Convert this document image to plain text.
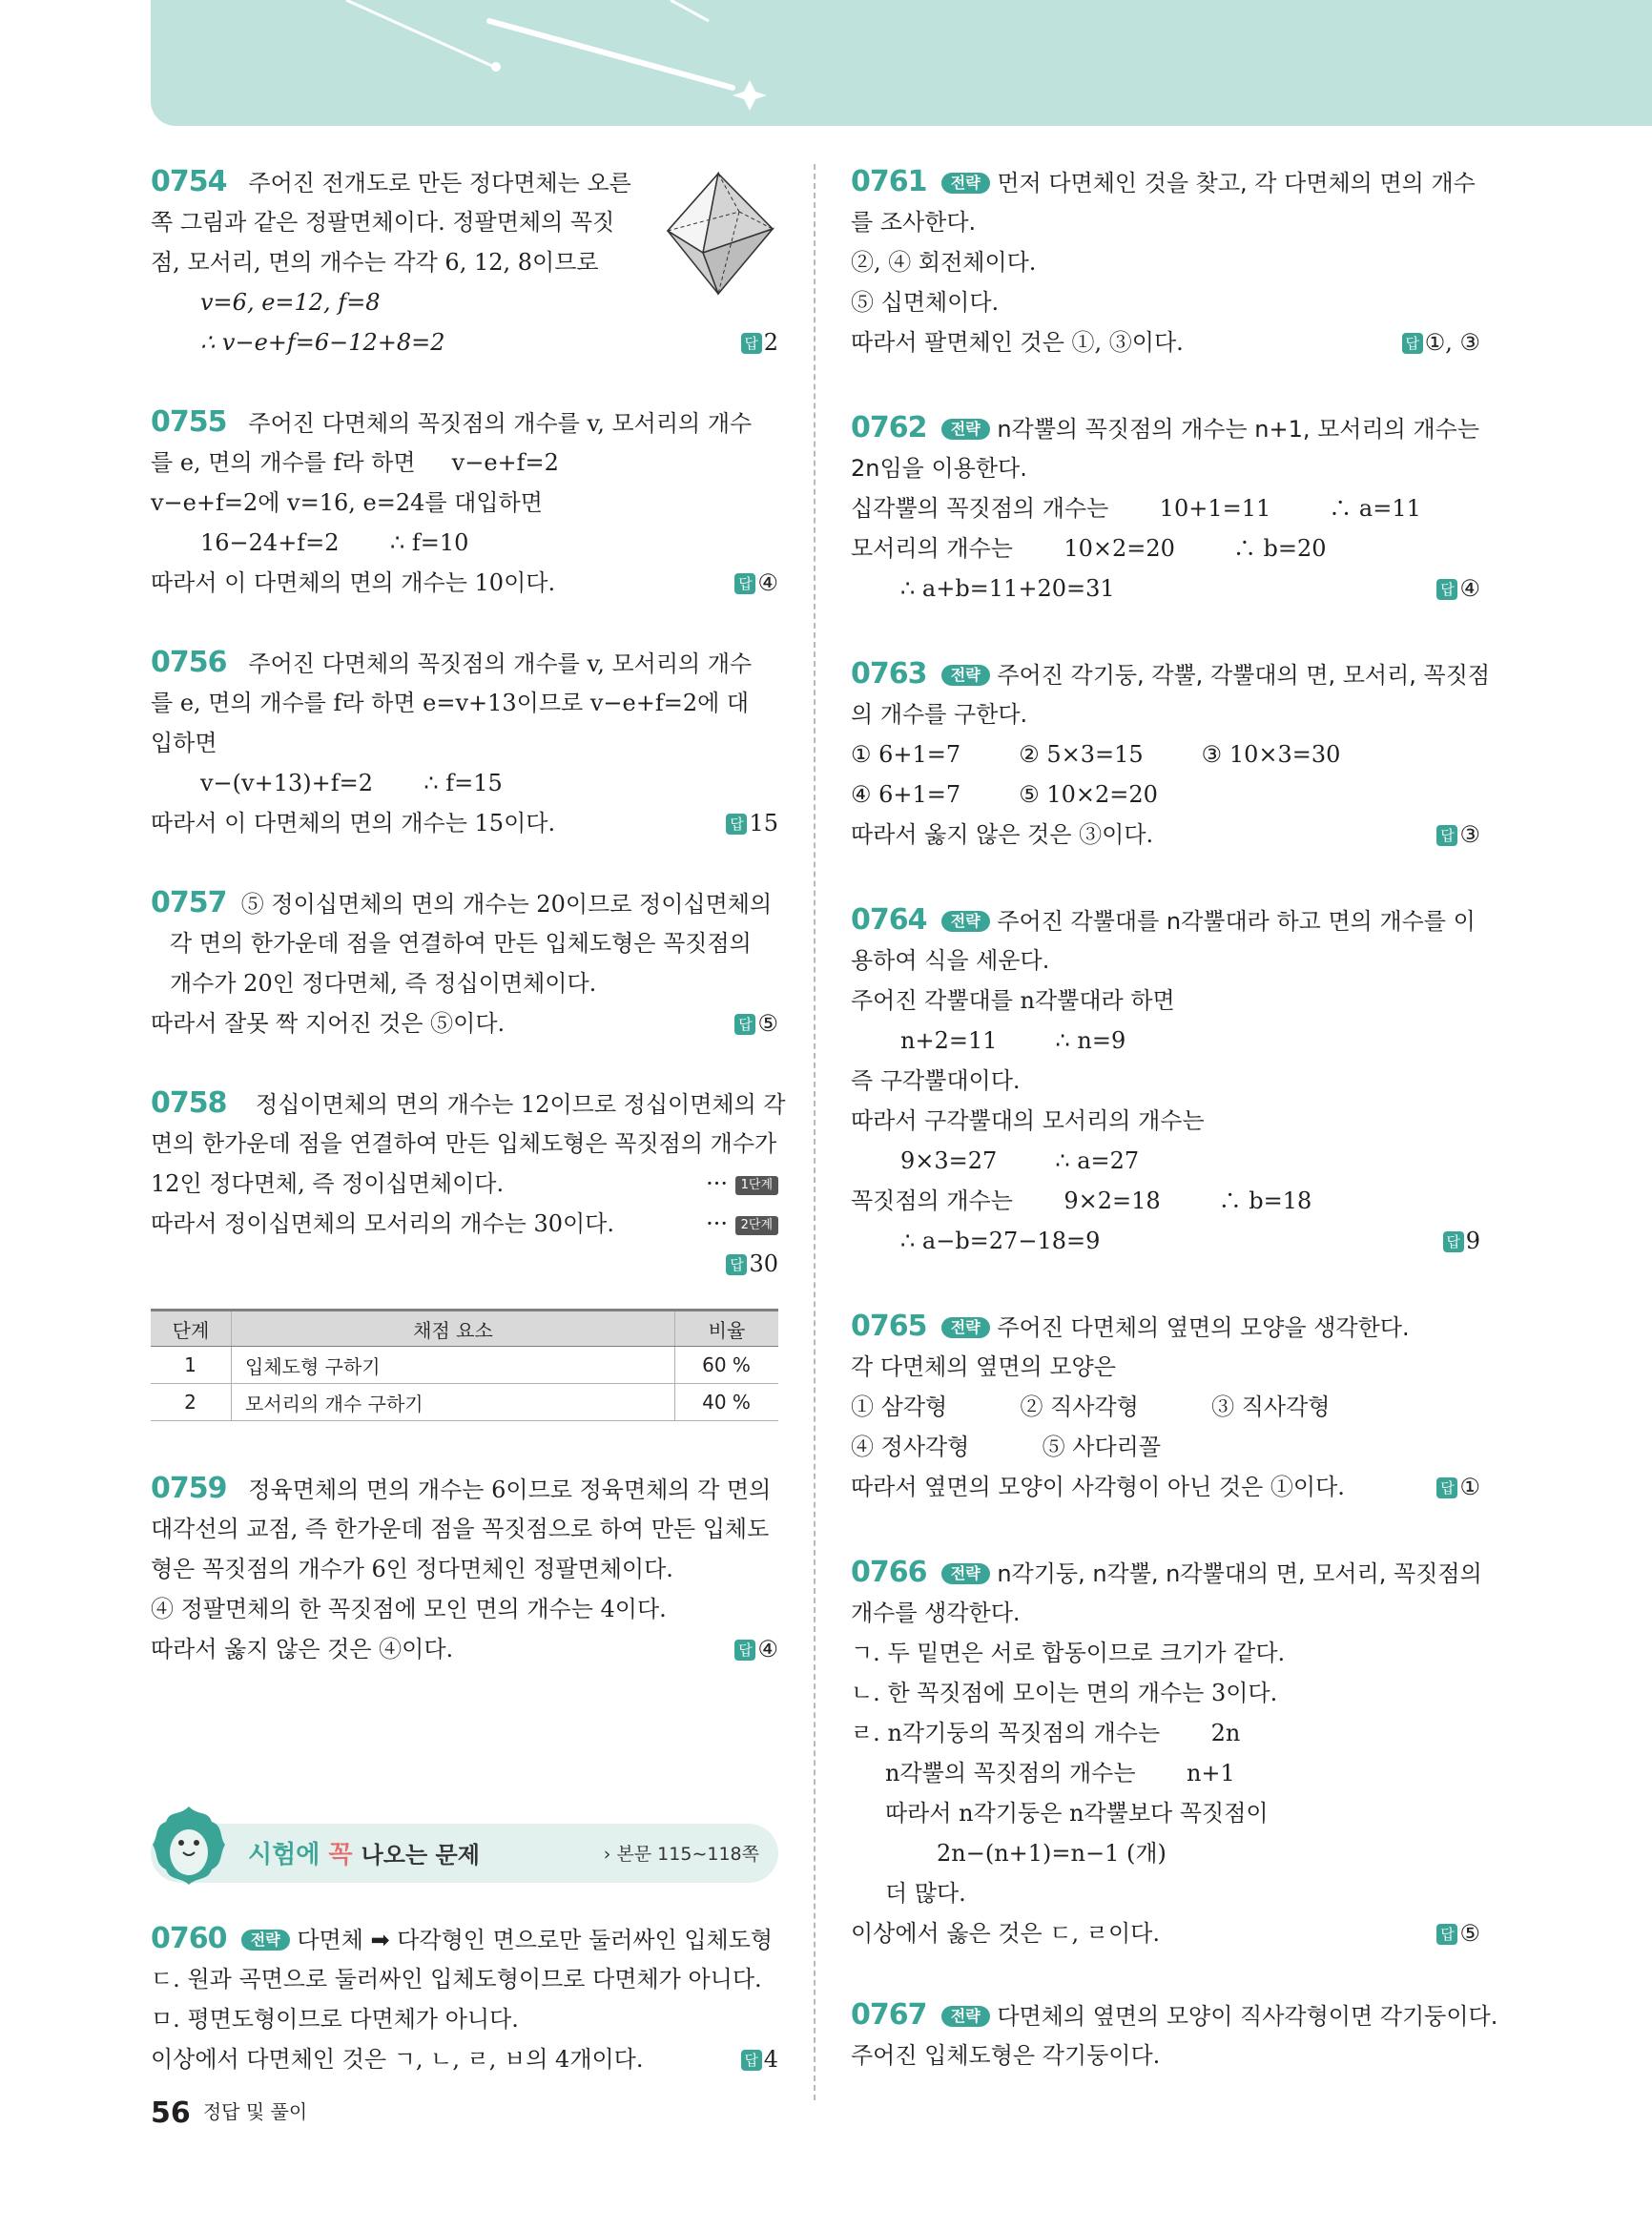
0754 주어진 전개도로 만든 정다면체는 오른
쪽 그림과 같은 정팔면체이다. 정팔면체의 꼭짓
점, 모서리, 면의 개수는 각각 6, 12, 8이므로
v=6, e=12, f=8
∴ v−e+f=6−12+8=2	답 2
0755 주어진 다면체의 꼭짓점의 개수를 v, 모서리의 개수
를 e, 면의 개수를 f라 하면     v−e+f=2
v−e+f=2에 v=16, e=24를 대입하면
16−24+f=2       ∴ f=10
따라서 이 다면체의 면의 개수는 10이다.	답 ④
0756 주어진 다면체의 꼭짓점의 개수를 v, 모서리의 개수
를 e, 면의 개수를 f라 하면 e=v+13이므로 v−e+f=2에 대
입하면
v−(v+13)+f=2       ∴ f=15
따라서 이 다면체의 면의 개수는 15이다.	답 15
0757 ⑤ 정이십면체의 면의 개수는 20이므로 정이십면체의
각 면의 한가운데 점을 연결하여 만든 입체도형은 꼭짓점의
개수가 20인 정다면체, 즉 정십이면체이다.
따라서 잘못 짝 지어진 것은 ⑤이다.	답 ⑤
0758 정십이면체의 면의 개수는 12이므로 정십이면체의 각
면의 한가운데 점을 연결하여 만든 입체도형은 꼭짓점의 개수가
12인 정다면체, 즉 정이십면체이다.
따라서 정이십면체의 모서리의 개수는 30이다.
··· 1단계
··· 2단계
답 30
단계	채점 요소	비율
1	입체도형 구하기	60 %
2	모서리의 개수 구하기	40 %
0759 정육면체의 면의 개수는 6이므로 정육면체의 각 면의
대각선의 교점, 즉 한가운데 점을 꼭짓점으로 하여 만든 입체도
형은 꼭짓점의 개수가 6인 정다면체인 정팔면체이다.
④ 정팔면체의 한 꼭짓점에 모인 면의 개수는 4이다.
따라서 옳지 않은 것은 ④이다.	답 ④
시험에 꼭 나오는 문제	› 본문 115∼118쪽
0760 전략 다면체 ➡ 다각형인 면으로만 둘러싸인 입체도형
ㄷ. 원과 곡면으로 둘러싸인 입체도형이므로 다면체가 아니다.
ㅁ. 평면도형이므로 다면체가 아니다.
이상에서 다면체인 것은 ㄱ, ㄴ, ㄹ, ㅂ의 4개이다.	답 4
0761 전략 먼저 다면체인 것을 찾고, 각 다면체의 면의 개수
를 조사한다.
②, ④ 회전체이다.
⑤ 십면체이다.
따라서 팔면체인 것은 ①, ③이다.	답 ①, ③
0762 전략 n각뿔의 꼭짓점의 개수는 n+1, 모서리의 개수는
2n임을 이용한다.
십각뿔의 꼭짓점의 개수는       10+1=11        ∴ a=11
모서리의 개수는       10×2=20        ∴ b=20
∴ a+b=11+20=31	답 ④
0763 전략 주어진 각기둥, 각뿔, 각뿔대의 면, 모서리, 꼭짓점
의 개수를 구한다.
① 6+1=7        ② 5×3=15        ③ 10×3=30
④ 6+1=7        ⑤ 10×2=20
따라서 옳지 않은 것은 ③이다.	답 ③
0764 전략 주어진 각뿔대를 n각뿔대라 하고 면의 개수를 이
용하여 식을 세운다.
주어진 각뿔대를 n각뿔대라 하면
n+2=11        ∴ n=9
즉 구각뿔대이다.
따라서 구각뿔대의 모서리의 개수는
9×3=27        ∴ a=27
꼭짓점의 개수는       9×2=18        ∴ b=18
∴ a−b=27−18=9	답 9
0765 전략 주어진 다면체의 옆면의 모양을 생각한다.
각 다면체의 옆면의 모양은
① 삼각형          ② 직사각형          ③ 직사각형
④ 정사각형          ⑤ 사다리꼴
따라서 옆면의 모양이 사각형이 아닌 것은 ①이다.	답 ①
0766 전략 n각기둥, n각뿔, n각뿔대의 면, 모서리, 꼭짓점의
개수를 생각한다.
ㄱ. 두 밑면은 서로 합동이므로 크기가 같다.
ㄴ. 한 꼭짓점에 모이는 면의 개수는 3이다.
ㄹ. n각기둥의 꼭짓점의 개수는       2n
n각뿔의 꼭짓점의 개수는       n+1
따라서 n각기둥은 n각뿔보다 꼭짓점이
2n−(n+1)=n−1 (개)
더 많다.
이상에서 옳은 것은 ㄷ, ㄹ이다.	답 ⑤
0767 전략 다면체의 옆면의 모양이 직사각형이면 각기둥이다.
주어진 입체도형은 각기둥이다.
56 정답 및 풀이
